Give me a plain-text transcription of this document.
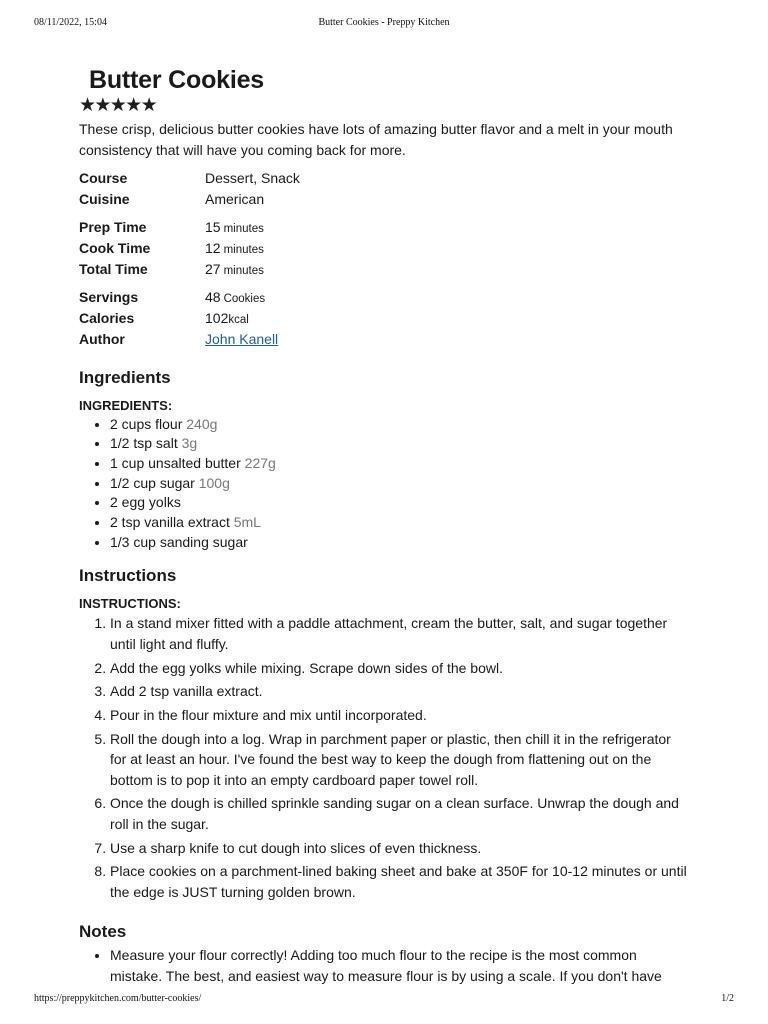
08/11/2022, 15:04	Butter Cookies - Preppy Kitchen
Butter Cookies
★
★
★
★
★

These crisp, delicious butter cookies have lots of amazing butter flavor and a melt in your mouth consistency that will have you coming back for more.

Course	Dessert, Snack
Cuisine	American
Prep Time	15 minutes
Cook Time	12 minutes
Total Time	27 minutes
Servings	48 Cookies
Calories	102kcal
Author	John Kanell
Ingredients
INGREDIENTS:
• 2 cups flour 240g
• 1/2 tsp salt 3g
• 1 cup unsalted butter 227g
• 1/2 cup sugar 100g
• 2 egg yolks
• 2 tsp vanilla extract 5mL
• 1/3 cup sanding sugar
Instructions
INSTRUCTIONS:
1. In a stand mixer fitted with a paddle attachment, cream the butter, salt, and sugar together until light and fluffy.
2. Add the egg yolks while mixing. Scrape down sides of the bowl.
3. Add 2 tsp vanilla extract.
4. Pour in the flour mixture and mix until incorporated.
5. Roll the dough into a log. Wrap in parchment paper or plastic, then chill it in the refrigerator for at least an hour. I've found the best way to keep the dough from flattening out on the bottom is to pop it into an empty cardboard paper towel roll.
6. Once the dough is chilled sprinkle sanding sugar on a clean surface. Unwrap the dough and roll in the sugar.
7. Use a sharp knife to cut dough into slices of even thickness.
8. Place cookies on a parchment-lined baking sheet and bake at 350F for 10-12 minutes or until the edge is JUST turning golden brown.
Notes
• Measure your flour correctly! Adding too much flour to the recipe is the most common mistake. The best, and easiest way to measure flour is by using a scale. If you don't have
https://preppykitchen.com/butter-cookies/	1/2
